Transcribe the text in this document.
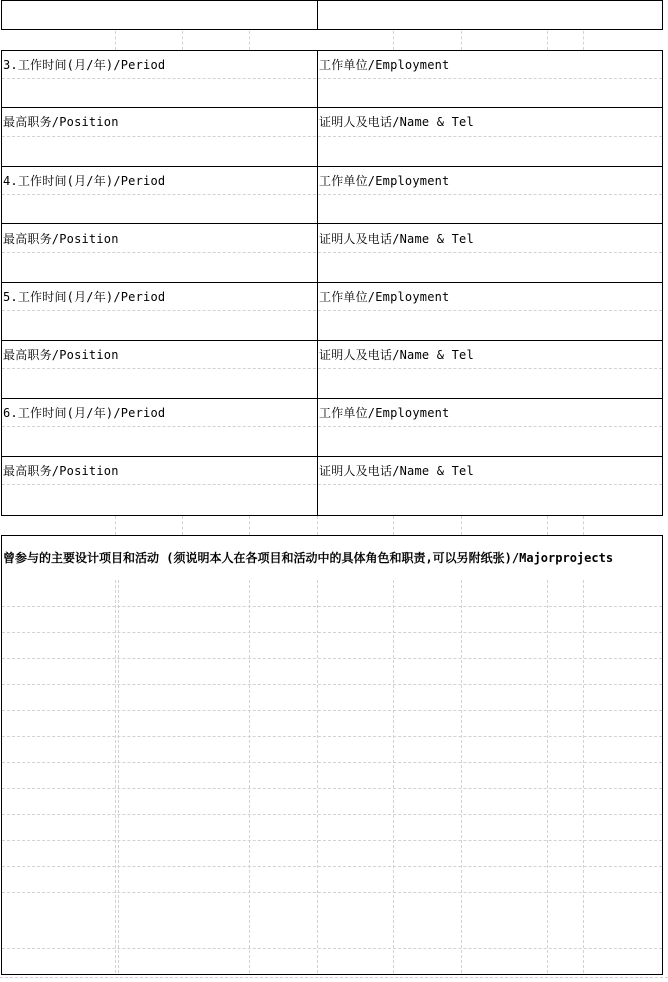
3.工作时间(月/年)/Period	工作单位/Employment
最高职务/Position	证明人及电话/Name & Tel
4.工作时间(月/年)/Period	工作单位/Employment
最高职务/Position	证明人及电话/Name & Tel
5.工作时间(月/年)/Period	工作单位/Employment
最高职务/Position	证明人及电话/Name & Tel
6.工作时间(月/年)/Period	工作单位/Employment
最高职务/Position	证明人及电话/Name & Tel
曾参与的主要设计项目和活动 (须说明本人在各项目和活动中的具体角色和职责,可以另附纸张)/Majorprojects
